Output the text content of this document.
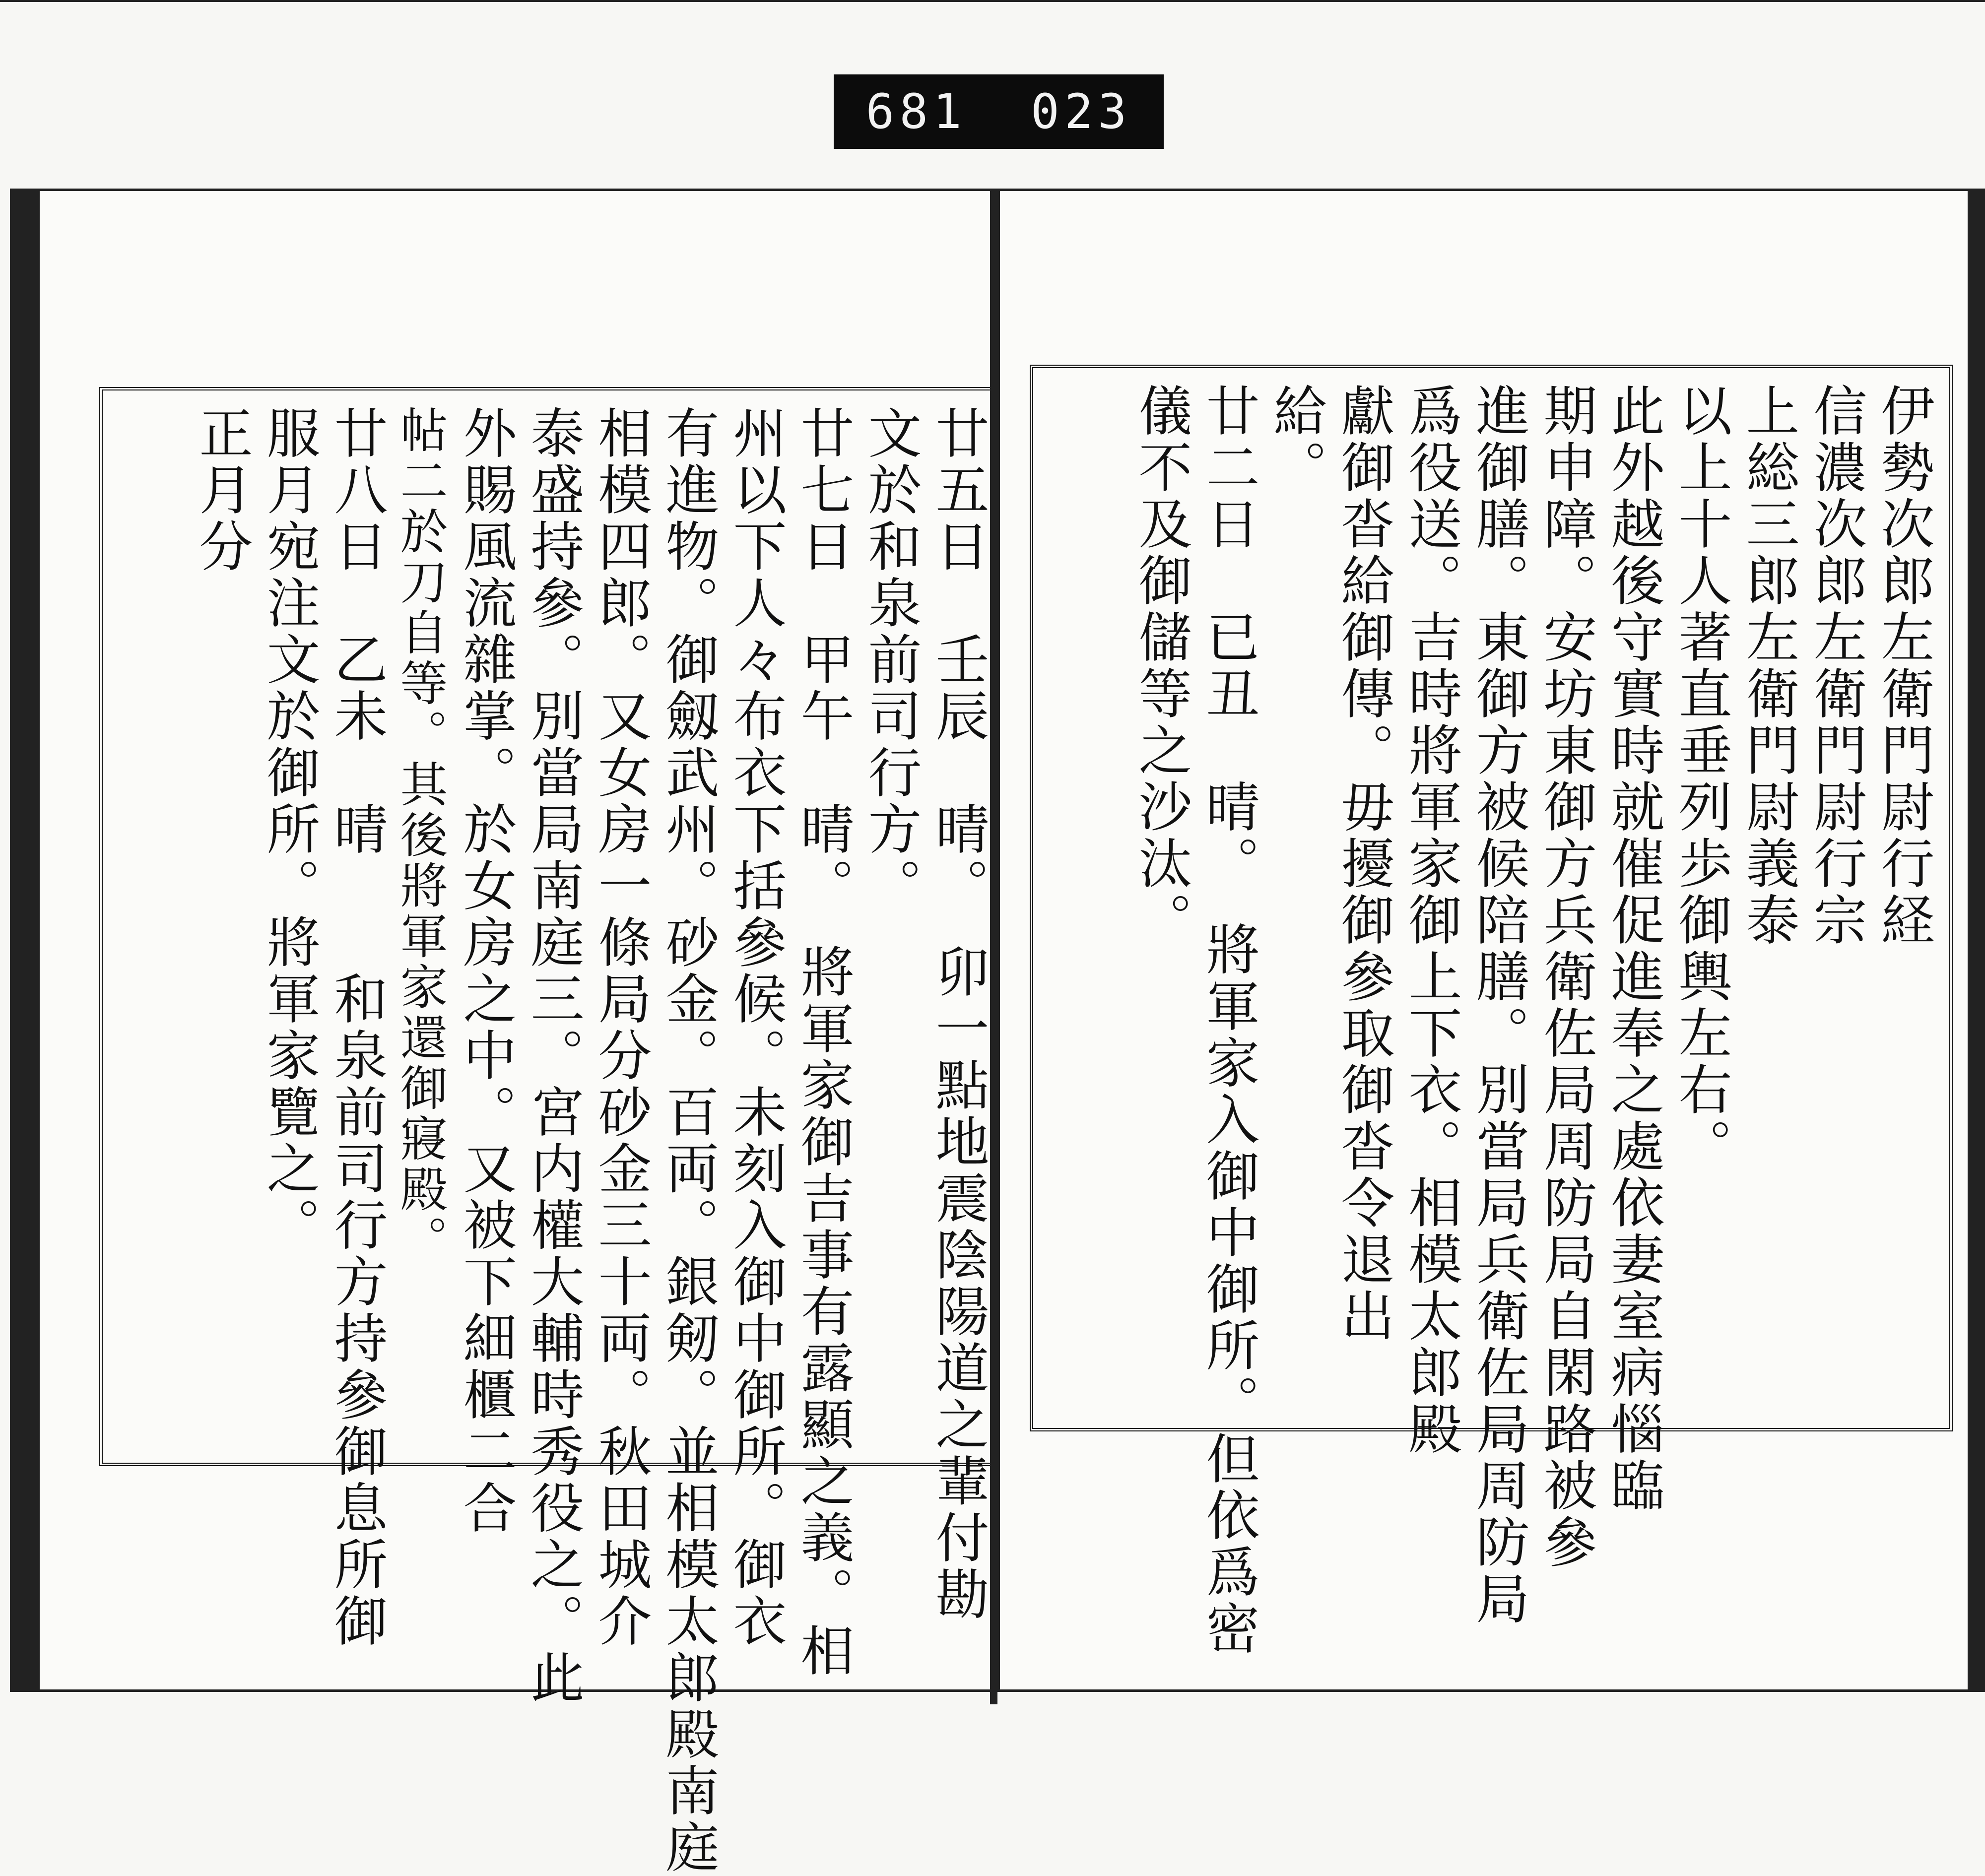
681 023
廿五日　壬辰　晴。　卯一點地震陰陽道之輩付勘
文於和泉前司行方。
廿七日　甲午　晴。　將軍家御吉事有露顯之義。相
州以下人々布衣下括參候。未刻入御中御所。御衣
有進物。御劔武州。砂金。百両。銀剱。並相模太郎殿南庭
相模四郎。又女房一條局分砂金三十両。秋田城介
泰盛持參。別當局南庭三。宮内權大輔時秀役之。此
外賜風流雜掌。於女房之中。又被下細櫃二合
帖二於刀自等。其後將軍家還御寢殿。
廿八日　乙未　晴　　和泉前司行方持參御息所御
服月宛注文於御所。將軍家覽之。
正月分	伊勢次郎左衛門尉行経
信濃次郎左衛門尉行宗
上総三郎左衛門尉義泰
以上十人著直垂列歩御輿左右。
此外越後守實時就催促進奉之處依妻室病惱臨
期申障。安坊東御方兵衛佐局周防局自閑路被參
進御膳。東御方被候陪膳。別當局兵衛佐局周防局
爲役送。吉時將軍家御上下衣。相模太郎殿
獻御沓給御傳。毋擾御參取御沓令退出
給。
廿二日　已丑　晴。　將軍家入御中御所。但依爲密
儀不及御儲等之沙汰。
